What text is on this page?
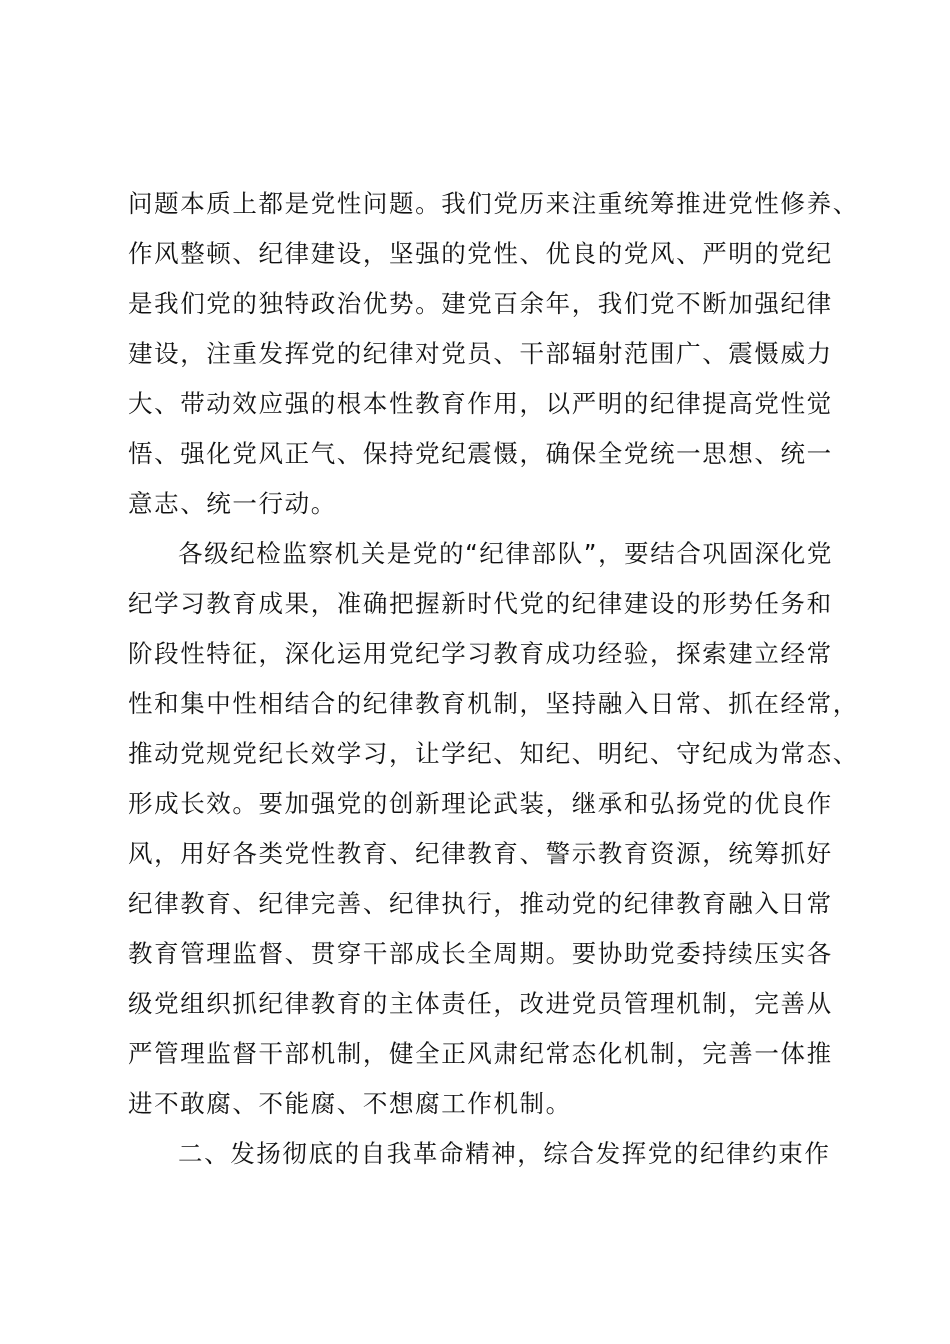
问题本质上都是党性问题。我们党历来注重统筹推进党性修养、
作风整顿、纪律建设，坚强的党性、优良的党风、严明的党纪
是我们党的独特政治优势。建党百余年，我们党不断加强纪律
建设，注重发挥党的纪律对党员、干部辐射范围广、震慑威力
大、带动效应强的根本性教育作用，以严明的纪律提高党性觉
悟、强化党风正气、保持党纪震慑，确保全党统一思想、统一
意志、统一行动。
各级纪检监察机关是党的“纪律部队”，要结合巩固深化党
纪学习教育成果，准确把握新时代党的纪律建设的形势任务和
阶段性特征，深化运用党纪学习教育成功经验，探索建立经常
性和集中性相结合的纪律教育机制，坚持融入日常、抓在经常，
推动党规党纪长效学习，让学纪、知纪、明纪、守纪成为常态、
形成长效。要加强党的创新理论武装，继承和弘扬党的优良作
风，用好各类党性教育、纪律教育、警示教育资源，统筹抓好
纪律教育、纪律完善、纪律执行，推动党的纪律教育融入日常
教育管理监督、贯穿干部成长全周期。要协助党委持续压实各
级党组织抓纪律教育的主体责任，改进党员管理机制，完善从
严管理监督干部机制，健全正风肃纪常态化机制，完善一体推
进不敢腐、不能腐、不想腐工作机制。
二、发扬彻底的自我革命精神，综合发挥党的纪律约束作
